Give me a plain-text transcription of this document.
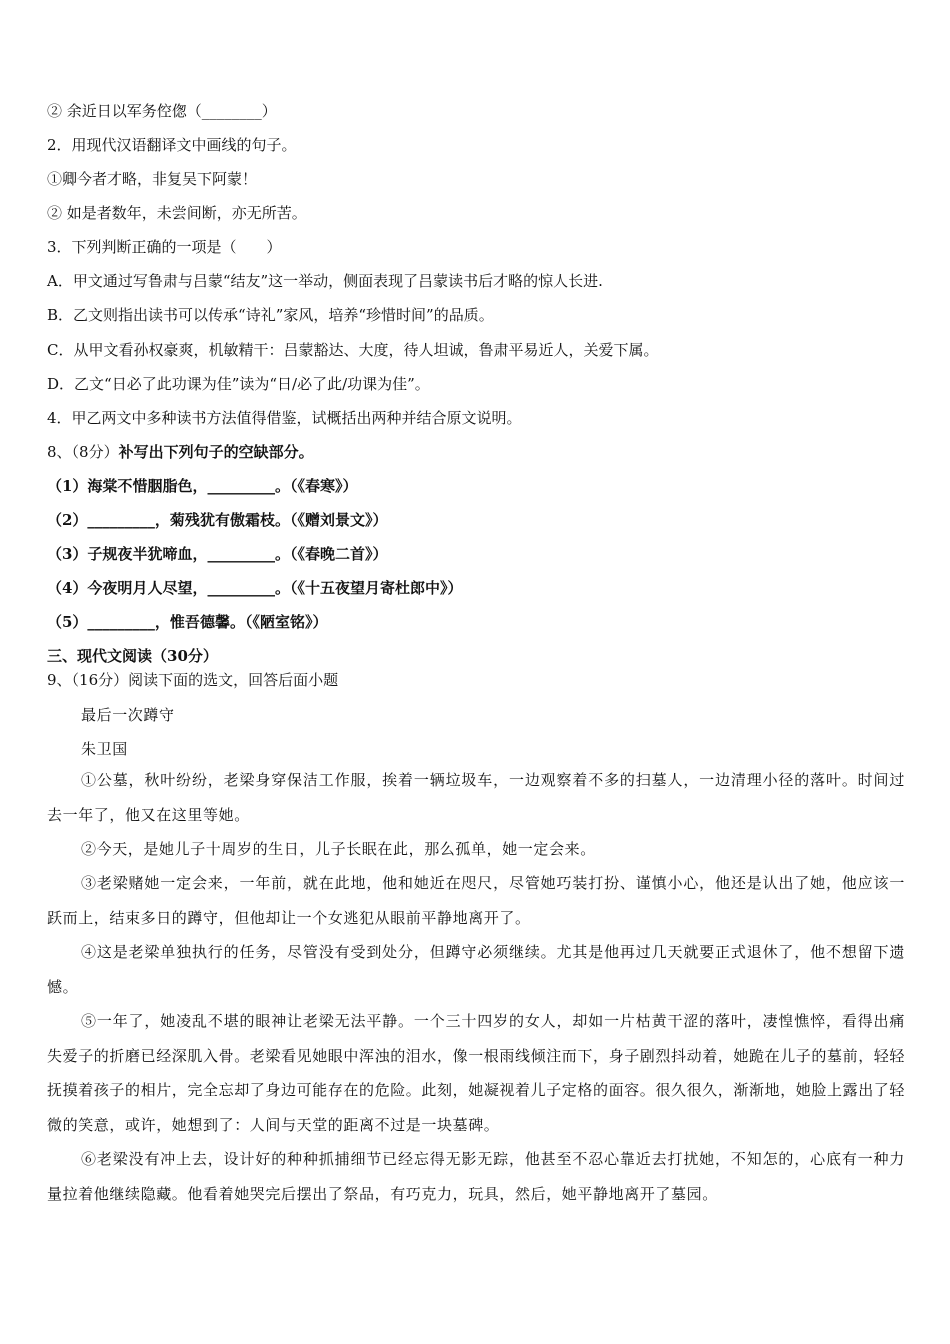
② 余近日以军务倥偬（________）
2．用现代汉语翻译文中画线的句子。
①卿今者才略，非复吴下阿蒙！
② 如是者数年，未尝间断，亦无所苦。
3．下列判断正确的一项是（　　）
A．甲文通过写鲁肃与吕蒙“结友”这一举动，侧面表现了吕蒙读书后才略的惊人长进.
B．乙文则指出读书可以传承“诗礼”家风，培养“珍惜时间”的品质。
C．从甲文看孙权豪爽，机敏精干：吕蒙豁达、大度，待人坦诚，鲁肃平易近人，关爱下属。
D．乙文“日必了此功课为佳”读为“日/必了此/功课为佳”。
4．甲乙两文中多种读书方法值得借鉴，试概括出两种并结合原文说明。
8、（8分）补写出下列句子的空缺部分。
（1）海棠不惜胭脂色，_________。（《春寒》）
（2）_________，菊残犹有傲霜枝。（《赠刘景文》）
（3）子规夜半犹啼血，_________。（《春晚二首》）
（4）今夜明月人尽望，_________。（《十五夜望月寄杜郎中》）
（5）_________，惟吾德馨。（《陋室铭》）
三、现代文阅读（30分）
9、（16分）阅读下面的选文，回答后面小题
最后一次蹲守
朱卫国
①公墓，秋叶纷纷，老梁身穿保洁工作服，挨着一辆垃圾车，一边观察着不多的扫墓人，一边清理小径的落叶。时间过去一年了，他又在这里等她。
②今天，是她儿子十周岁的生日，儿子长眠在此，那么孤单，她一定会来。
③老梁赌她一定会来，一年前，就在此地，他和她近在咫尺，尽管她巧装打扮、谨慎小心，他还是认出了她，他应该一跃而上，结束多日的蹲守，但他却让一个女逃犯从眼前平静地离开了。
④这是老梁单独执行的任务，尽管没有受到处分，但蹲守必须继续。尤其是他再过几天就要正式退休了，他不想留下遗憾。
⑤一年了，她凌乱不堪的眼神让老梁无法平静。一个三十四岁的女人，却如一片枯黄干涩的落叶，凄惶憔悴，看得出痛失爱子的折磨已经深肌入骨。老梁看见她眼中浑浊的泪水，像一根雨线倾注而下，身子剧烈抖动着，她跪在儿子的墓前，轻轻抚摸着孩子的相片，完全忘却了身边可能存在的危险。此刻，她凝视着儿子定格的面容。很久很久，渐渐地，她脸上露出了轻微的笑意，或许，她想到了：人间与天堂的距离不过是一块墓碑。
⑥老梁没有冲上去，设计好的种种抓捕细节已经忘得无影无踪，他甚至不忍心靠近去打扰她，不知怎的，心底有一种力量拉着他继续隐藏。他看着她哭完后摆出了祭品，有巧克力，玩具，然后，她平静地离开了墓园。
